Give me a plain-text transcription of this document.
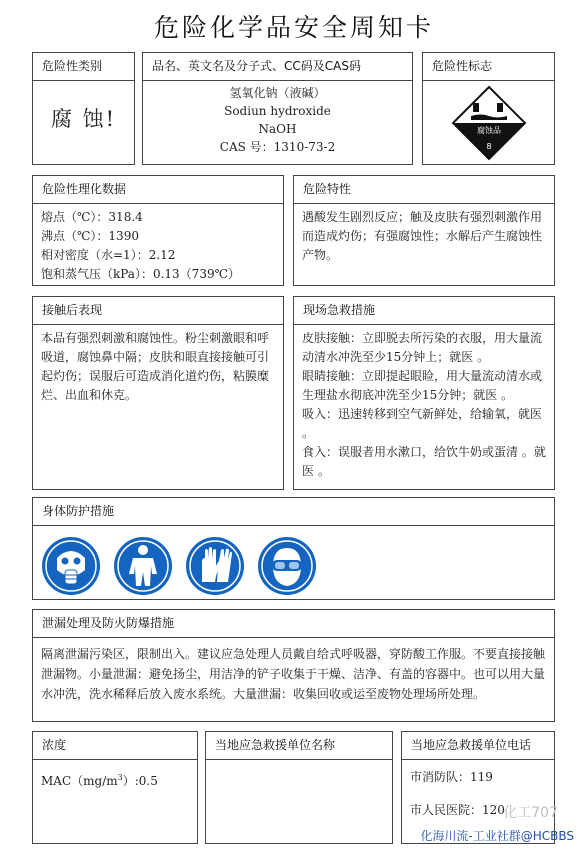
危险化学品安全周知卡
危险性类别
腐 蚀!
品名、英文名及分子式、CC码及CAS码
氢氧化钠（液碱）
Sodiun hydroxide
NaOH
CAS 号：1310-73-2
危险性标志
腐蚀品
8
危险性理化数据
熔点（℃）：318.4
沸点（℃）：1390
相对密度（水=1）：2.12
饱和蒸气压（kPa）：0.13（739℃）
危险特性
遇酸发生剧烈反应；触及皮肤有强烈刺激作用而造成灼伤；有强腐蚀性；水解后产生腐蚀性产物。
接触后表现
本品有强烈刺激和腐蚀性。粉尘刺激眼和呼吸道，腐蚀鼻中隔；皮肤和眼直接接触可引起灼伤；误服后可造成消化道灼伤，粘膜糜烂、出血和休克。
现场急救措施
皮肤接触：立即脱去所污染的衣服，用大量流动清水冲洗至少15分钟上；就医 。
眼睛接触：立即提起眼睑，用大量流动清水或生理盐水彻底冲洗至少15分钟；就医 。
吸入：迅速转移到空气新鲜处，给输氧，就医 。
食入：误服者用水漱口，给饮牛奶或蛋清 。就医 。
身体防护措施
泄漏处理及防火防爆措施
隔离泄漏污染区，限制出入。建议应急处理人员戴自给式呼吸器，穿防酸工作服。不要直接接触泄漏物。小量泄漏：避免扬尘，用洁净的铲子收集于干燥、洁净、有盖的容器中。也可以用大量水冲洗，洗水稀释后放入废水系统。大量泄漏：收集回收或运至废物处理场所处理。
浓度
$MAC(mg/m^3):0.5$
当地应急救援单位名称	当地应急救援单位电话
市消防队：119
市人民医院：120
化工707
化海川流-工业社群@HCBBS
